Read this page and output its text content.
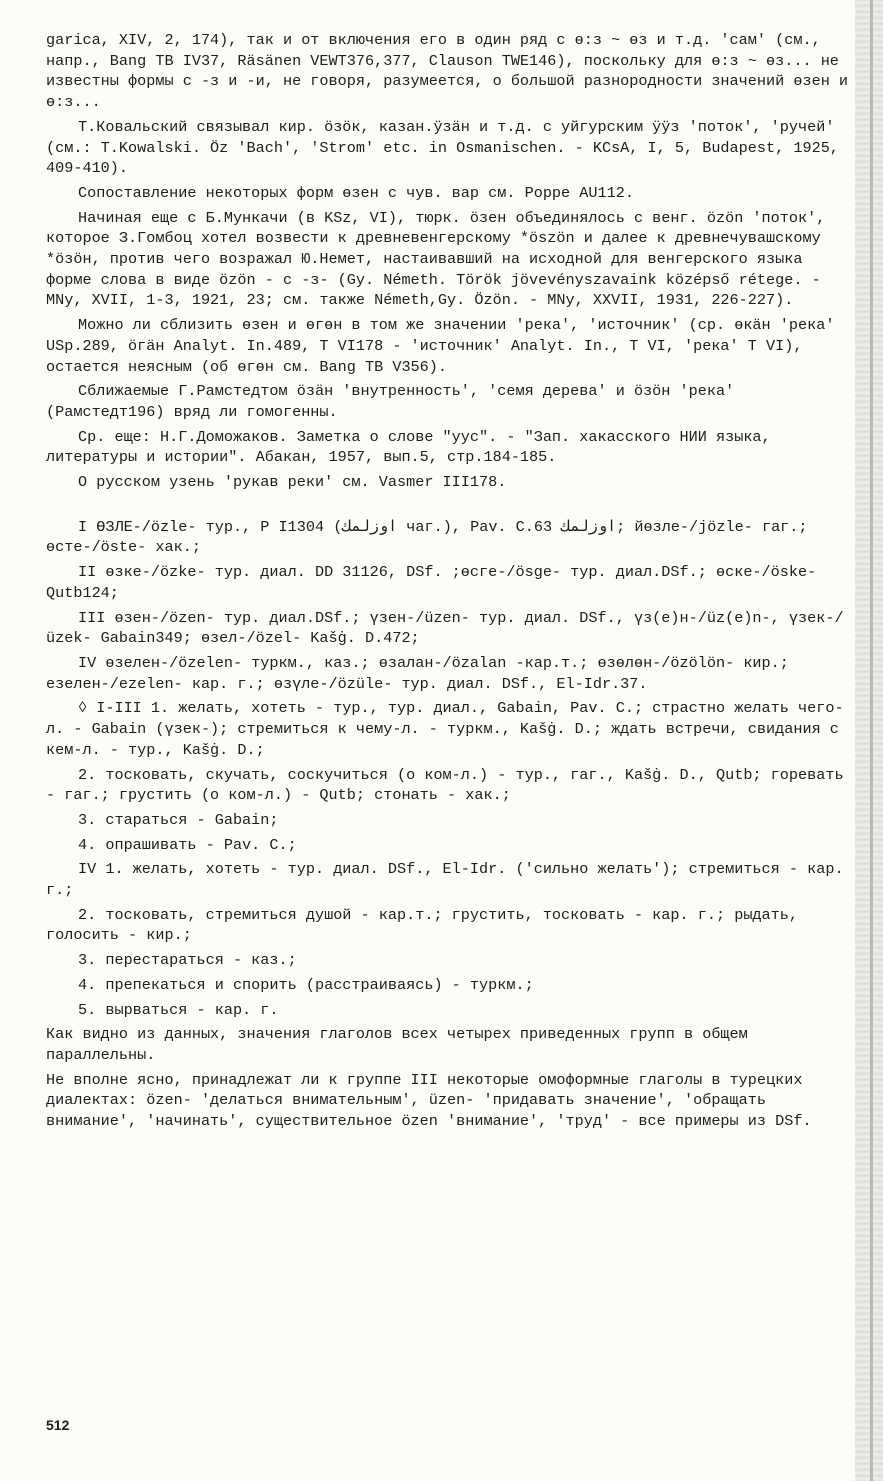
garica, XIV, 2, 174), так и от включения его в один ряд с ө:з ~ өз и т.д. 'сам' (см., напр., Bang TB IV37, Räsänen VEWT376,377, Clauson TWE146), поскольку для ө:з ~ өз... не известны формы с -з и -и, не говоря, разумеется, о большой разнородности значений өзен и ө:з...

Т.Ковальский связывал кир. ӧзӧк, казан.ӱзӓн и т.д. с уйгурским ӱӱз 'поток', 'ручей' (см.: T.Kowalski. Öz 'Bach', 'Strom' etc. in Osmanischen. - KCsA, I, 5, Budapest, 1925, 409-410).

Сопоставление некоторых форм өзен с чув. вар см. Poppe AU112.

Начиная еще с Б.Мункачи (в KSz, VI), тюрк. öзен объединялось с венг. özön 'поток', которое З.Гомбоц хотел возвести к древневенгерскому *öszön и далее к древнечувашскому *öзӧн, против чего возражал Ю.Немет, настаивавший на исходной для венгерского языка форме слова в виде özön - с -з- (Gy. Németh. Török jövevényszavaink középső rétege. - MNy, XVII, 1-3, 1921, 23; см. также Németh,Gy. Özön. - MNy, XXVII, 1931, 226-227).

Можно ли сблизить өзен и өгөн в том же значении 'река', 'источник' (ср. өкӓн 'река' USp.289, ӧгӓн Analyt. In.489, T VI178 - 'источник' Analyt. In., T VI, 'река' T VI), остается неясным (об өгөн см. Bang TB V356).

Сближаемые Г.Рамстедтом ӧзӓн 'внутренность', 'семя дерева' и ӧзӧн 'река' (Рамстедт196) вряд ли гомогенны.

Ср. еще: Н.Г.Доможаков. Заметка о слове "ууc". - "Зап. хакасского НИИ языка, литературы и истории". Абакан, 1957, вып.5, стр.184-185.

О русском узень 'рукав реки' см. Vasmer III178.

I ӨЗЛЕ-/özle- тур., P I1304 (اوزلمك чаг.), Pav. C.63 اوزلمك; йөзле-/jözle- гаг.; өсте-/öste- хак.;

II өзке-/özke- тур. диал. DD 31126, DSf. ;өсге-/ösge- тур. диал.DSf.; өске-/öske- Qutb124;

III өзен-/özen- тур. диал.DSf.; үзен-/üzen- тур. диал. DSf., үз(е)н-/üz(e)n-, үзек-/üzek- Gabain349; өзел-/özel- Kašġ. D.472;

IV өзелен-/özelen- туркм., каз.; өзалан-/özalan -кар.т.; өзөлөн-/özölön- кир.; езелен-/ezelen- кар. г.; өзүле-/özüle- тур. диал. DSf., El-Idr.37.

◊ I-III 1. желать, хотеть - тур., тур. диал., Gabain, Pav. C.; страстно желать чего-л. - Gabain (үзек-); стремиться к чему-л. - туркм., Kašġ. D.; ждать встречи, свидания с кем-л. - тур., Kašġ. D.;

2. тосковать, скучать, соскучиться (о ком-л.) - тур., гаг., Kašġ. D., Qutb; горевать - гаг.; грустить (о ком-л.) - Qutb; стонать - хак.;

3. стараться - Gabain;

4. опрашивать - Pav. C.;

IV 1. желать, хотеть - тур. диал. DSf., El-Idr. ('сильно желать'); стремиться - кар. г.;

2. тосковать, стремиться душой - кар.т.; грустить, тосковать - кар. г.; рыдать, голосить - кир.;

3. перестараться - каз.;

4. препекаться и спорить (расстраиваясь) - туркм.;

5. вырваться - кар. г.

Как видно из данных, значения глаголов всех четырех приведенных групп в общем параллельны.

Не вполне ясно, принадлежат ли к группе III некоторые омоформные глаголы в турецких диалектах: özen- 'делаться внимательным', üzen- 'придавать значение', 'обращать внимание', 'начинать', существительное özen 'внимание', 'труд' - все примеры из DSf.

512
